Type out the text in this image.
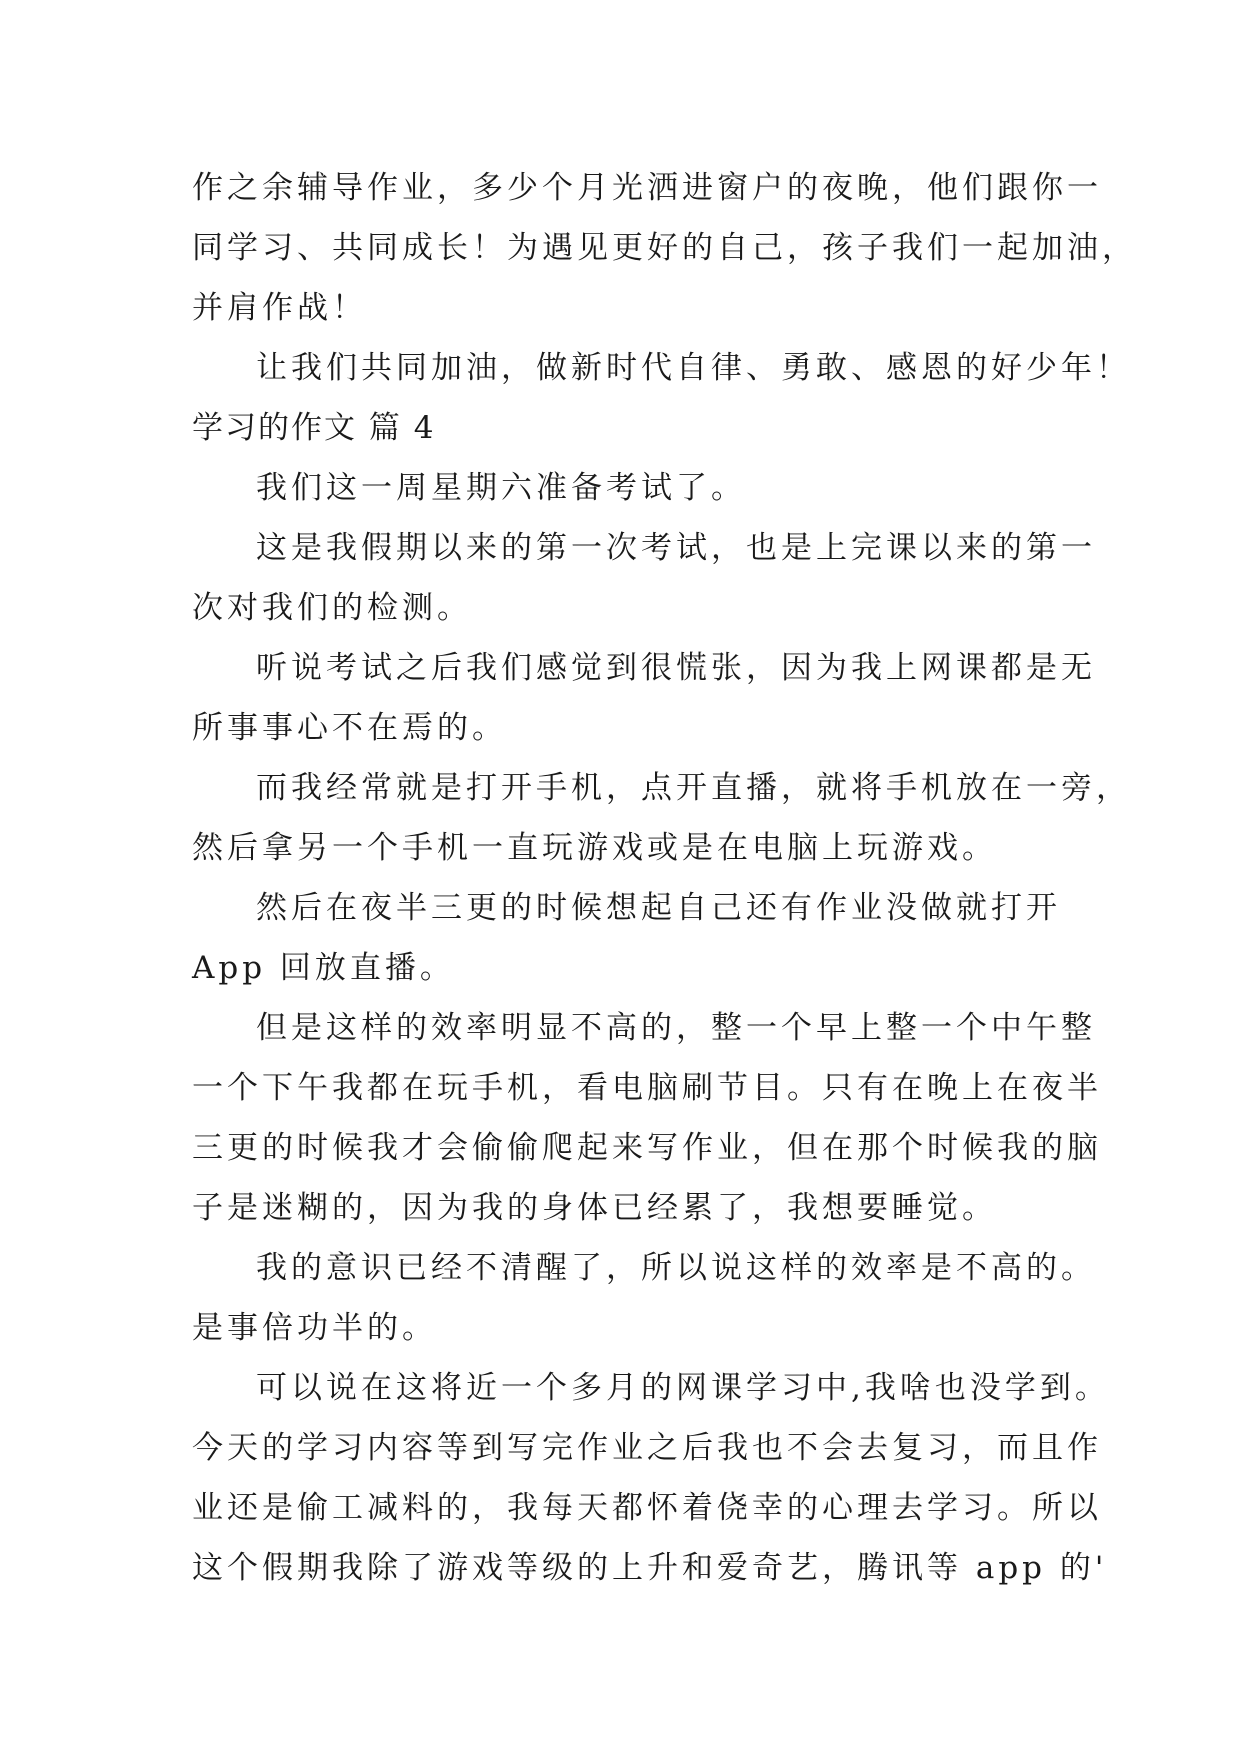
作之余辅导作业，多少个月光洒进窗户的夜晚，他们跟你一
同学习、共同成长！为遇见更好的自己，孩子我们一起加油，
并肩作战！
让我们共同加油，做新时代自律、勇敢、感恩的好少年！
学习的作文 篇 4
我们这一周星期六准备考试了。
这是我假期以来的第一次考试，也是上完课以来的第一
次对我们的检测。
听说考试之后我们感觉到很慌张，因为我上网课都是无
所事事心不在焉的。
而我经常就是打开手机，点开直播，就将手机放在一旁，
然后拿另一个手机一直玩游戏或是在电脑上玩游戏。
然后在夜半三更的时候想起自己还有作业没做就打开
App 回放直播。
但是这样的效率明显不高的，整一个早上整一个中午整
一个下午我都在玩手机，看电脑刷节目。只有在晚上在夜半
三更的时候我才会偷偷爬起来写作业，但在那个时候我的脑
子是迷糊的，因为我的身体已经累了，我想要睡觉。
我的意识已经不清醒了，所以说这样的效率是不高的。
是事倍功半的。
可以说在这将近一个多月的网课学习中,我啥也没学到。
今天的学习内容等到写完作业之后我也不会去复习，而且作
业还是偷工减料的，我每天都怀着侥幸的心理去学习。所以
这个假期我除了游戏等级的上升和爱奇艺，腾讯等 app 的'
